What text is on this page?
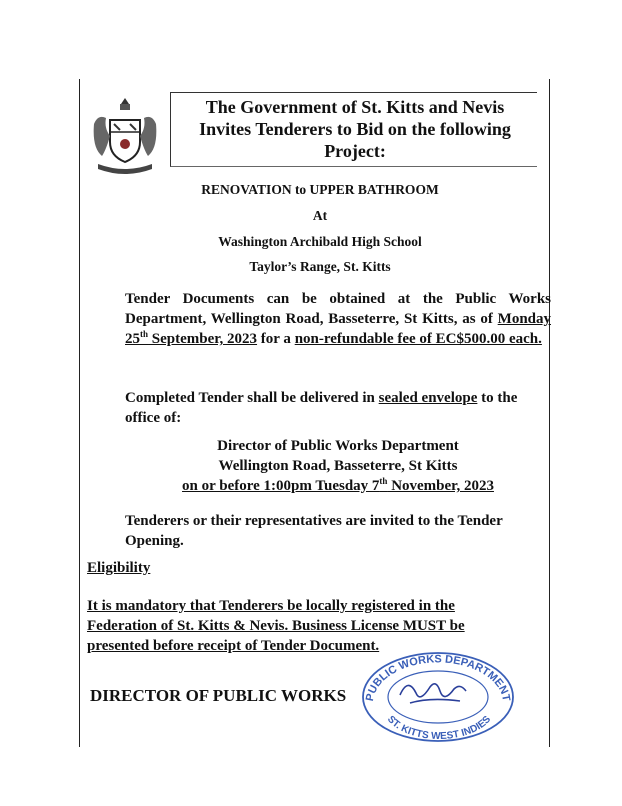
The Government of St. Kitts and Nevis
Invites Tenderers to Bid on the following
Project:
RENOVATION to UPPER BATHROOM
At
Washington Archibald High School
Taylor’s Range, St. Kitts
Tender Documents can be obtained at the Public Works Department, Wellington Road, Basseterre, St Kitts, as of Monday 25th September, 2023 for a non-refundable fee of EC$500.00 each.
Completed Tender shall be delivered in sealed envelope to the office of:
Director of Public Works Department
Wellington Road, Basseterre, St Kitts
on or before 1:00pm Tuesday 7th November, 2023
Tenderers or their representatives are invited to the Tender Opening.
Eligibility
It is mandatory that Tenderers be locally registered in the Federation of St. Kitts & Nevis. Business License MUST be presented before receipt of Tender Document.
DIRECTOR OF PUBLIC WORKS PUBLIC WORKS DEPARTMENT
ST. KITTS WEST INDIES
